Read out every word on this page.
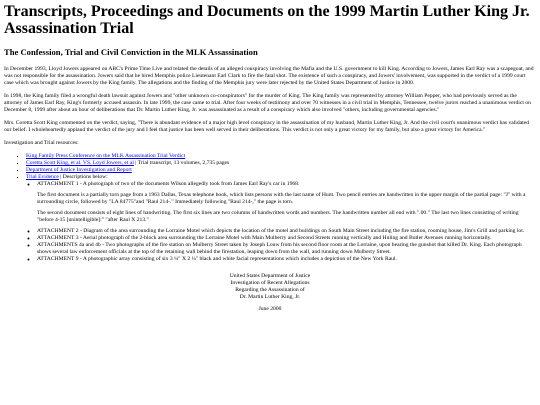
Transcripts, Proceedings and Documents on the 1999 Martin Luther King Jr. Assassination Trial
The Confession, Trial and Civil Conviction in the MLK Assassination

In December 1993, Lloyd Jowers appeared on ABC's Prime Time Live and related the details of an alleged conspiracy involving the Mafia and the U.S. government to kill King. According to Jowers, James Earl Ray was a scapegoat, and was not responsible for the assassination. Jowers said that he hired Memphis police Lieutenant Earl Clark to fire the fatal shot. The existence of such a conspiracy, and Jowers' involvement, was supported in the verdict of a 1999 court case which was brought against Jowers by the King family. The allegations and the finding of the Memphis jury were later rejected by the United States Department of Justice in 2000.

In 1998, the King family filed a wrongful death lawsuit against Jowers and "other unknown co-conspirators" for the murder of King. The King family was represented by attorney William Pepper, who had previously served as the attorney of James Earl Ray, King's formerly accused assassin. In late 1999, the case came to trial. After four weeks of testimony and over 70 witnesses in a civil trial in Memphis, Tennessee, twelve jurors reached a unanimous verdict on December 8, 1999 after about an hour of deliberations that Dr. Martin Luther King, Jr. was assassinated as a result of a conspiracy which also involved "others, including governmental agencies."

Mrs. Coretta Scott King commented on the verdict, saying, "There is abundant evidence of a major high level conspiracy in the assassination of my husband, Martin Luther King, Jr. And the civil court's unanimous verdict has validated our belief. I wholeheartedly applaud the verdict of the jury and I feel that justice has been well served in their deliberations. This verdict is not only a great victory for my family, but also a great victory for America."

Investigation and Trial resources:

▪ King Family Press Conference on the MLK Assassination Trial Verdict
▪ Coretta Scott King, et al. VS. Loyd Jowers, et al | Trial transcript, 13 volumes, 2,735 pages
▪ Department of Justice Investigation and Report
▪ Trial Evidence | Descriptions below:
◦ ATTACHMENT 1 - A photograph of two of the documents Wilson allegedly took from James Earl Ray's car in 1968.
The first document is a partially torn page from a 1963 Dallas, Texas telephone book, which lists persons with the last name of Hunt. Two pencil entries are handwritten in the upper margin of the partial page: "J" with a surrounding circle, followed by "LA 84775"and "Raul 214-." Immediately following "Raul 214-," the page is torn.
The second document consists of eight lines of handwriting. The first six lines are two columns of handwritten words and numbers. The handwritten number all end with ".00." The last two lines consisting of writing "before 4-15 [unintelligible]:" "after Raul X 213."
◦ ATTACHMENT 2 - Diagram of the area surrounding the Lorraine Motel which depicts the location of the motel and buildings on South Main Street including the fire station, rooming house, Jim's Grill and parking lot.
◦ ATTACHMENT 3 - Aerial photograph of the 2-block area surrounding the Lorraine Motel with Main Mulberry and Second Streets running vertically and Huling and Butler Avenues running horizontally.
◦ ATTACHMENTS 4a and 4b - Two photographs of the fire station on Mulberry Street taken by Joseph Louw from his second floor room at the Lorraine, upon hearing the gunshot that killed Dr. King. Each photograph shows several law enforcement officials at the top of the retaining wall behind the firestation, leaping down from the wall, and running down Mulberry Street.
◦ ATTACHMENT 9 - A photographic array consisting of six 3 ¼" X 2 ¼" black and white facial representations which includes a depiction of the New York Raul.
United States Department of Justice
Investigation of Recent Allegations
Regarding the Assassination of
Dr. Martin Luther King, Jr.
June 2000
